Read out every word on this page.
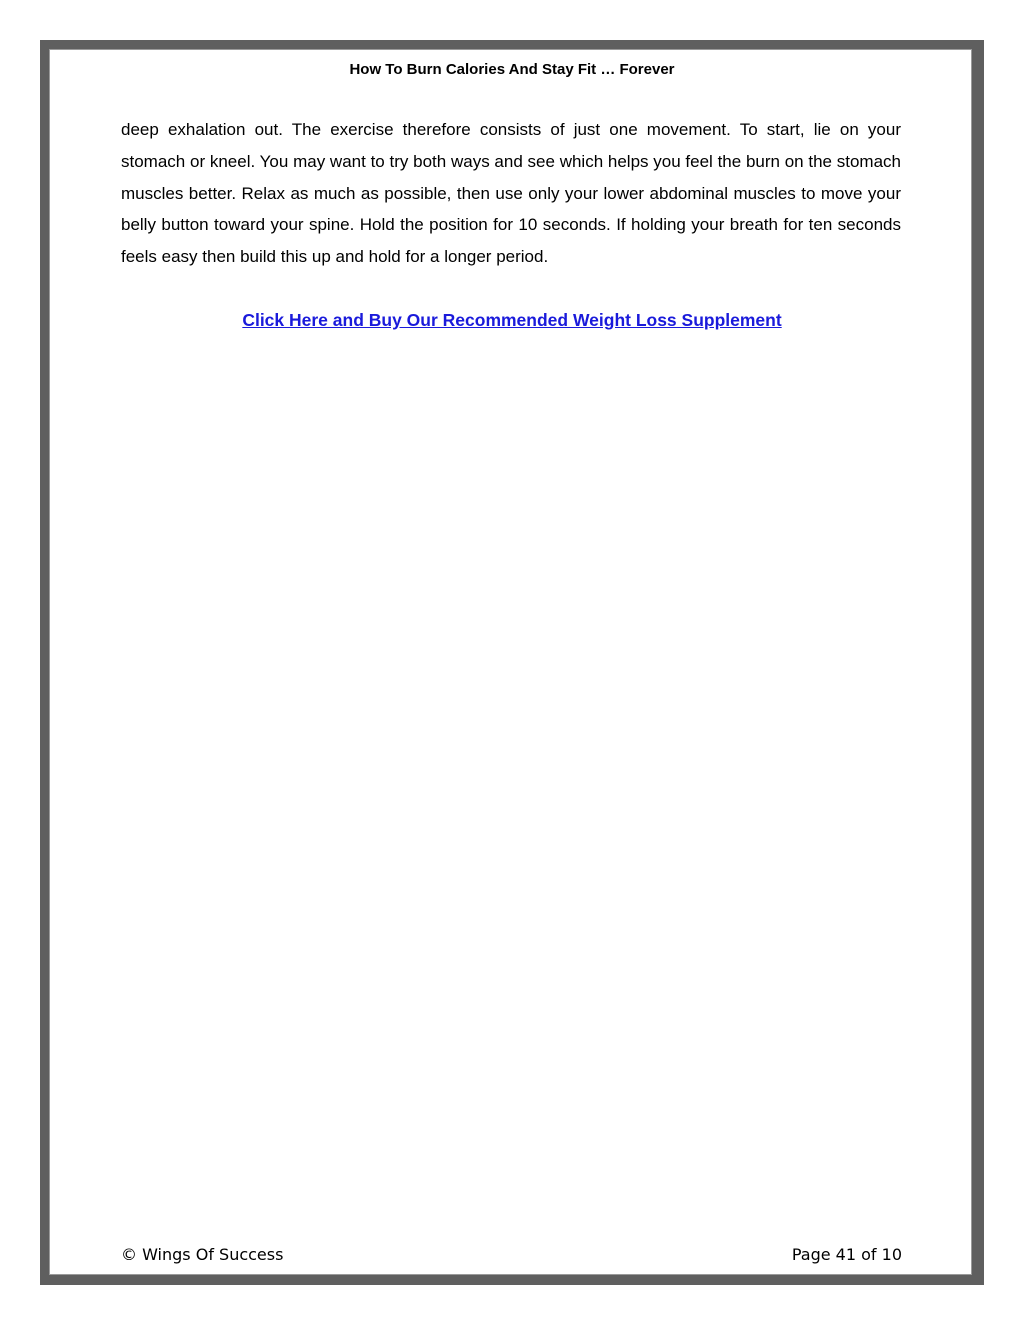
How To Burn Calories And Stay Fit … Forever

deep exhalation out. The exercise therefore consists of just one movement. To start, lie on your stomach or kneel. You may want to try both ways and see which helps you feel the burn on the stomach muscles better. Relax as much as possible, then use only your lower abdominal muscles to move your belly button toward your spine. Hold the position for 10 seconds. If holding your breath for ten seconds feels easy then build this up and hold for a longer period.

Click Here and Buy Our Recommended Weight Loss Supplement
© Wings Of Success	Page 41 of 10
